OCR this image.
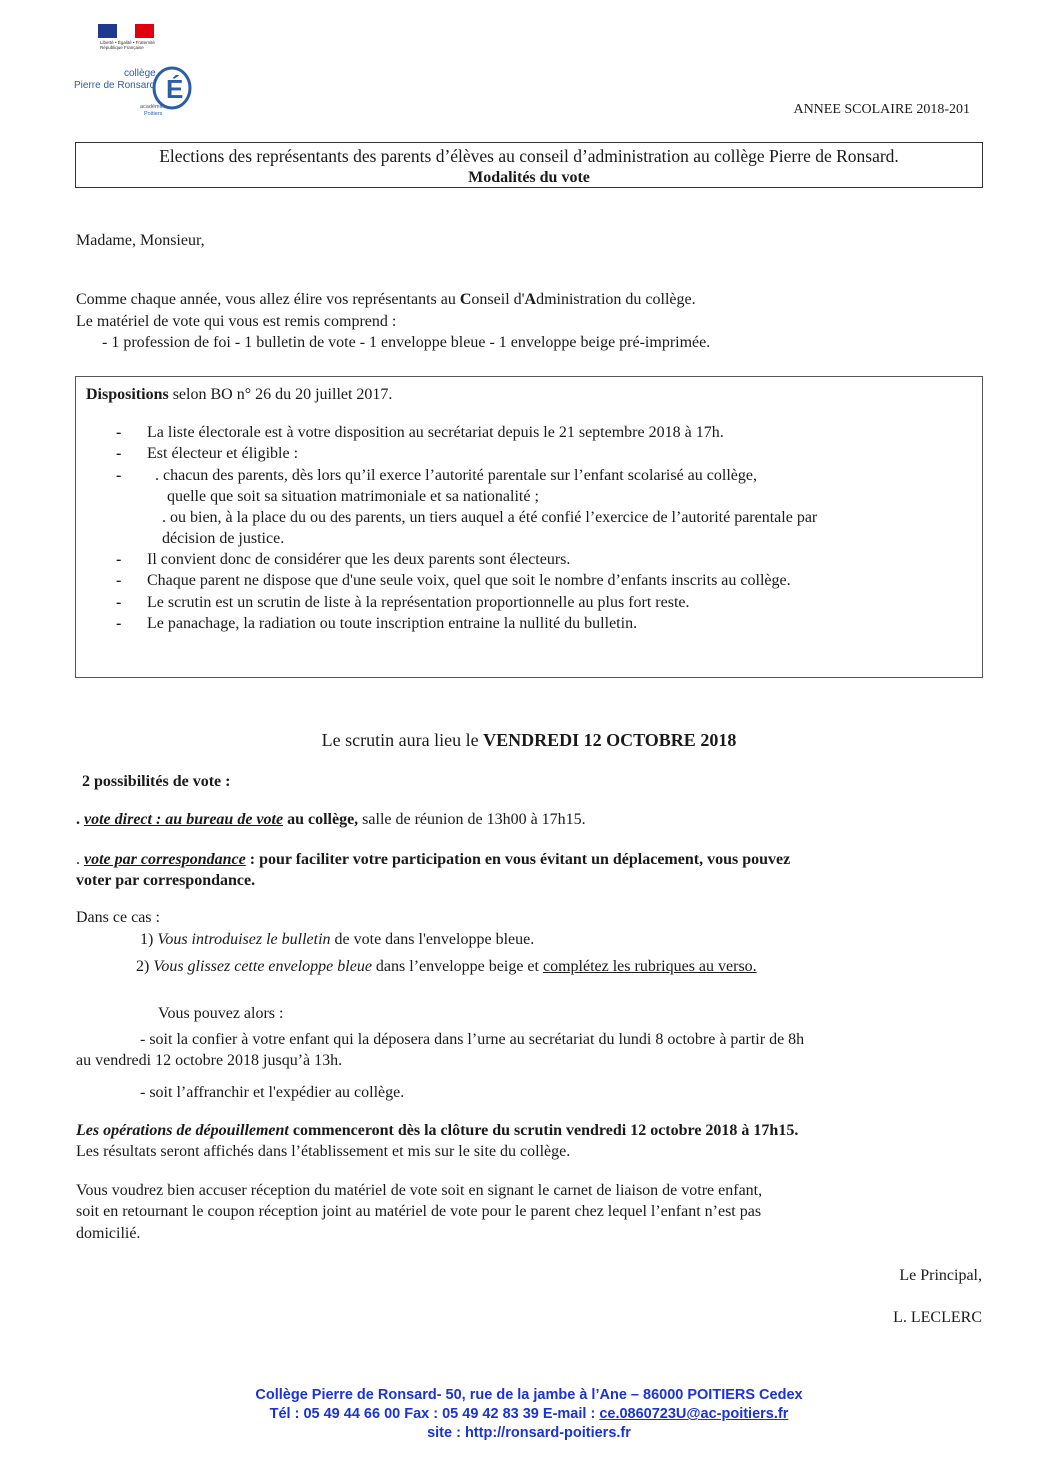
Liberté • Égalité • Fraternité
République Française
É
collège
Pierre de Ronsard
académie
Poitiers	ANNEE SCOLAIRE 2018-201
Elections des représentants des parents d’élèves au conseil d’administration au collège Pierre de Ronsard.
Modalités du vote
Madame, Monsieur,
Comme chaque année, vous allez élire vos représentants au Conseil d'Administration du collège.
Le matériel de vote qui vous est remis comprend :
- 1 profession de foi - 1 bulletin de vote - 1 enveloppe bleue - 1 enveloppe beige pré-imprimée.
Dispositions selon BO n° 26 du 20 juillet 2017.
- La liste électorale est à votre disposition au secrétariat depuis le 21 septembre 2018 à 17h.
- Est électeur et éligible :
- . chacun des parents, dès lors qu’il exerce l’autorité parentale sur l’enfant scolarisé au collège,
quelle que soit sa situation matrimoniale et sa nationalité ;
. ou bien, à la place du ou des parents, un tiers auquel a été confié l’exercice de l’autorité parentale par
décision de justice.
- Il convient donc de considérer que les deux parents sont électeurs.
- Chaque parent ne dispose que d'une seule voix, quel que soit le nombre d’enfants inscrits au collège.
- Le scrutin est un scrutin de liste à la représentation proportionnelle au plus fort reste.
- Le panachage, la radiation ou toute inscription entraine la nullité du bulletin.
Le scrutin aura lieu le VENDREDI 12 OCTOBRE 2018
2 possibilités de vote :
. vote direct : au bureau de vote au collège, salle de réunion de 13h00 à 17h15.
. vote par correspondance : pour faciliter votre participation en vous évitant un déplacement, vous pouvez
voter par correspondance.
Dans ce cas :
1) Vous introduisez le bulletin de vote dans l'enveloppe bleue.
2) Vous glissez cette enveloppe bleue dans l’enveloppe beige et complétez les rubriques au verso.
Vous pouvez alors :
- soit la confier à votre enfant qui la déposera dans l’urne au secrétariat du lundi 8 octobre à partir de 8h
au vendredi 12 octobre 2018 jusqu’à 13h.
- soit l’affranchir et l'expédier au collège.
Les opérations de dépouillement commenceront dès la clôture du scrutin vendredi 12 octobre 2018 à 17h15.
Les résultats seront affichés dans l’établissement et mis sur le site du collège.
Vous voudrez bien accuser réception du matériel de vote soit en signant le carnet de liaison de votre enfant,
soit en retournant le coupon réception joint au matériel de vote pour le parent chez lequel l’enfant n’est pas
domicilié.
Le Principal,
L. LECLERC
Collège Pierre de Ronsard- 50, rue de la jambe à l’Ane – 86000 POITIERS Cedex
Tél : 05 49 44 66 00 Fax : 05 49 42 83 39 E-mail : ce.0860723U@ac-poitiers.fr
site : http://ronsard-poitiers.fr
